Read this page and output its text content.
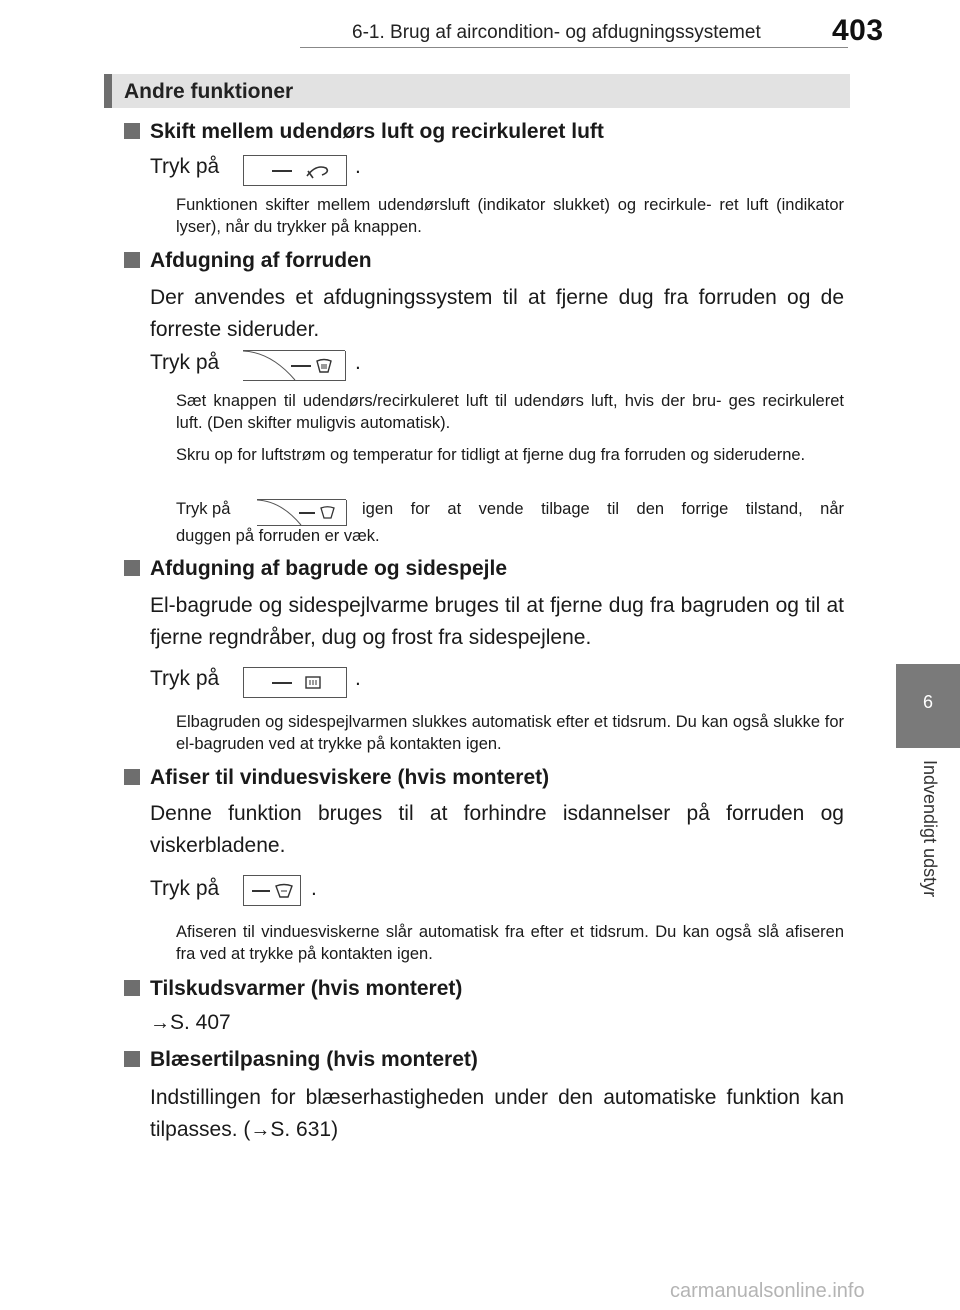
6-1. Brug af aircondition- og afdugningssystemet 403
Andre funktioner
6
Indvendigt udstyr
Skift mellem udendørs luft og recirkuleret luft
Tryk på	.
Funktionen skifter mellem udendørsluft (indikator slukket) og recirkule- ret luft (indikator lyser), når du trykker på knappen.
Afdugning af forruden
Der anvendes et afdugningssystem til at fjerne dug fra forruden og de forreste sideruder.
Tryk på	.
Sæt knappen til udendørs/recirkuleret luft til udendørs luft, hvis der bru- ges recirkuleret luft. (Den skifter muligvis automatisk).
Skru op for luftstrøm og temperatur for tidligt at fjerne dug fra forruden og sideruderne.
Tryk på	igen for at vende tilbage til den forrige tilstand, når
duggen på forruden er væk.
Afdugning af bagrude og sidespejle
El-bagrude og sidespejlvarme bruges til at fjerne dug fra bagruden og til at fjerne regndråber, dug og frost fra sidespejlene.
Tryk på	.
Elbagruden og sidespejlvarmen slukkes automatisk efter et tidsrum. Du kan også slukke for el-bagruden ved at trykke på kontakten igen.
Afiser til vinduesviskere (hvis monteret)
Denne funktion bruges til at forhindre isdannelser på forruden og viskerbladene.
Tryk på	.
Afiseren til vinduesviskerne slår automatisk fra efter et tidsrum. Du kan også slå afiseren fra ved at trykke på kontakten igen.
Tilskudsvarmer (hvis monteret)
→S. 407
Blæsertilpasning (hvis monteret)
Indstillingen for blæserhastigheden under den automatiske funktion kan tilpasses. (→S. 631)
carmanualsonline.info
